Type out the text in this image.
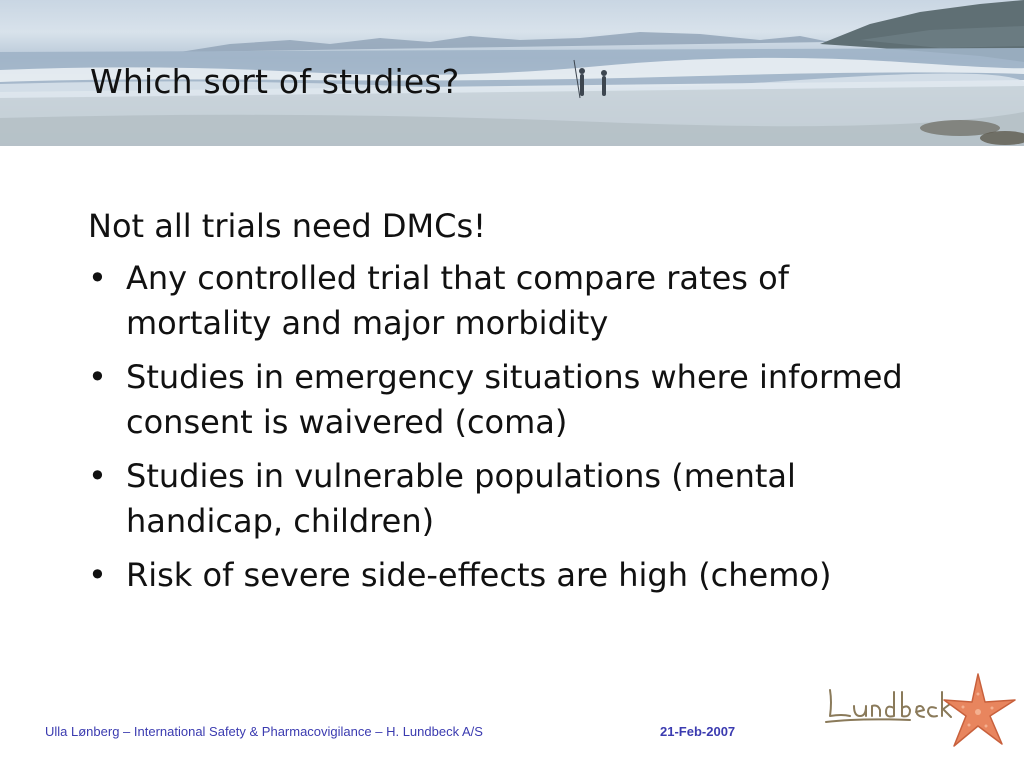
Which sort of studies?
Not all trials need DMCs!
• Any controlled trial that compare rates of mortality and major morbidity
• Studies in emergency situations where informed consent is waivered (coma)
• Studies in vulnerable populations (mental handicap, children)
• Risk of severe side-effects are high (chemo)
Ulla Lønberg – International Safety & Pharmacovigilance – H. Lundbeck A/S	21-Feb-2007
